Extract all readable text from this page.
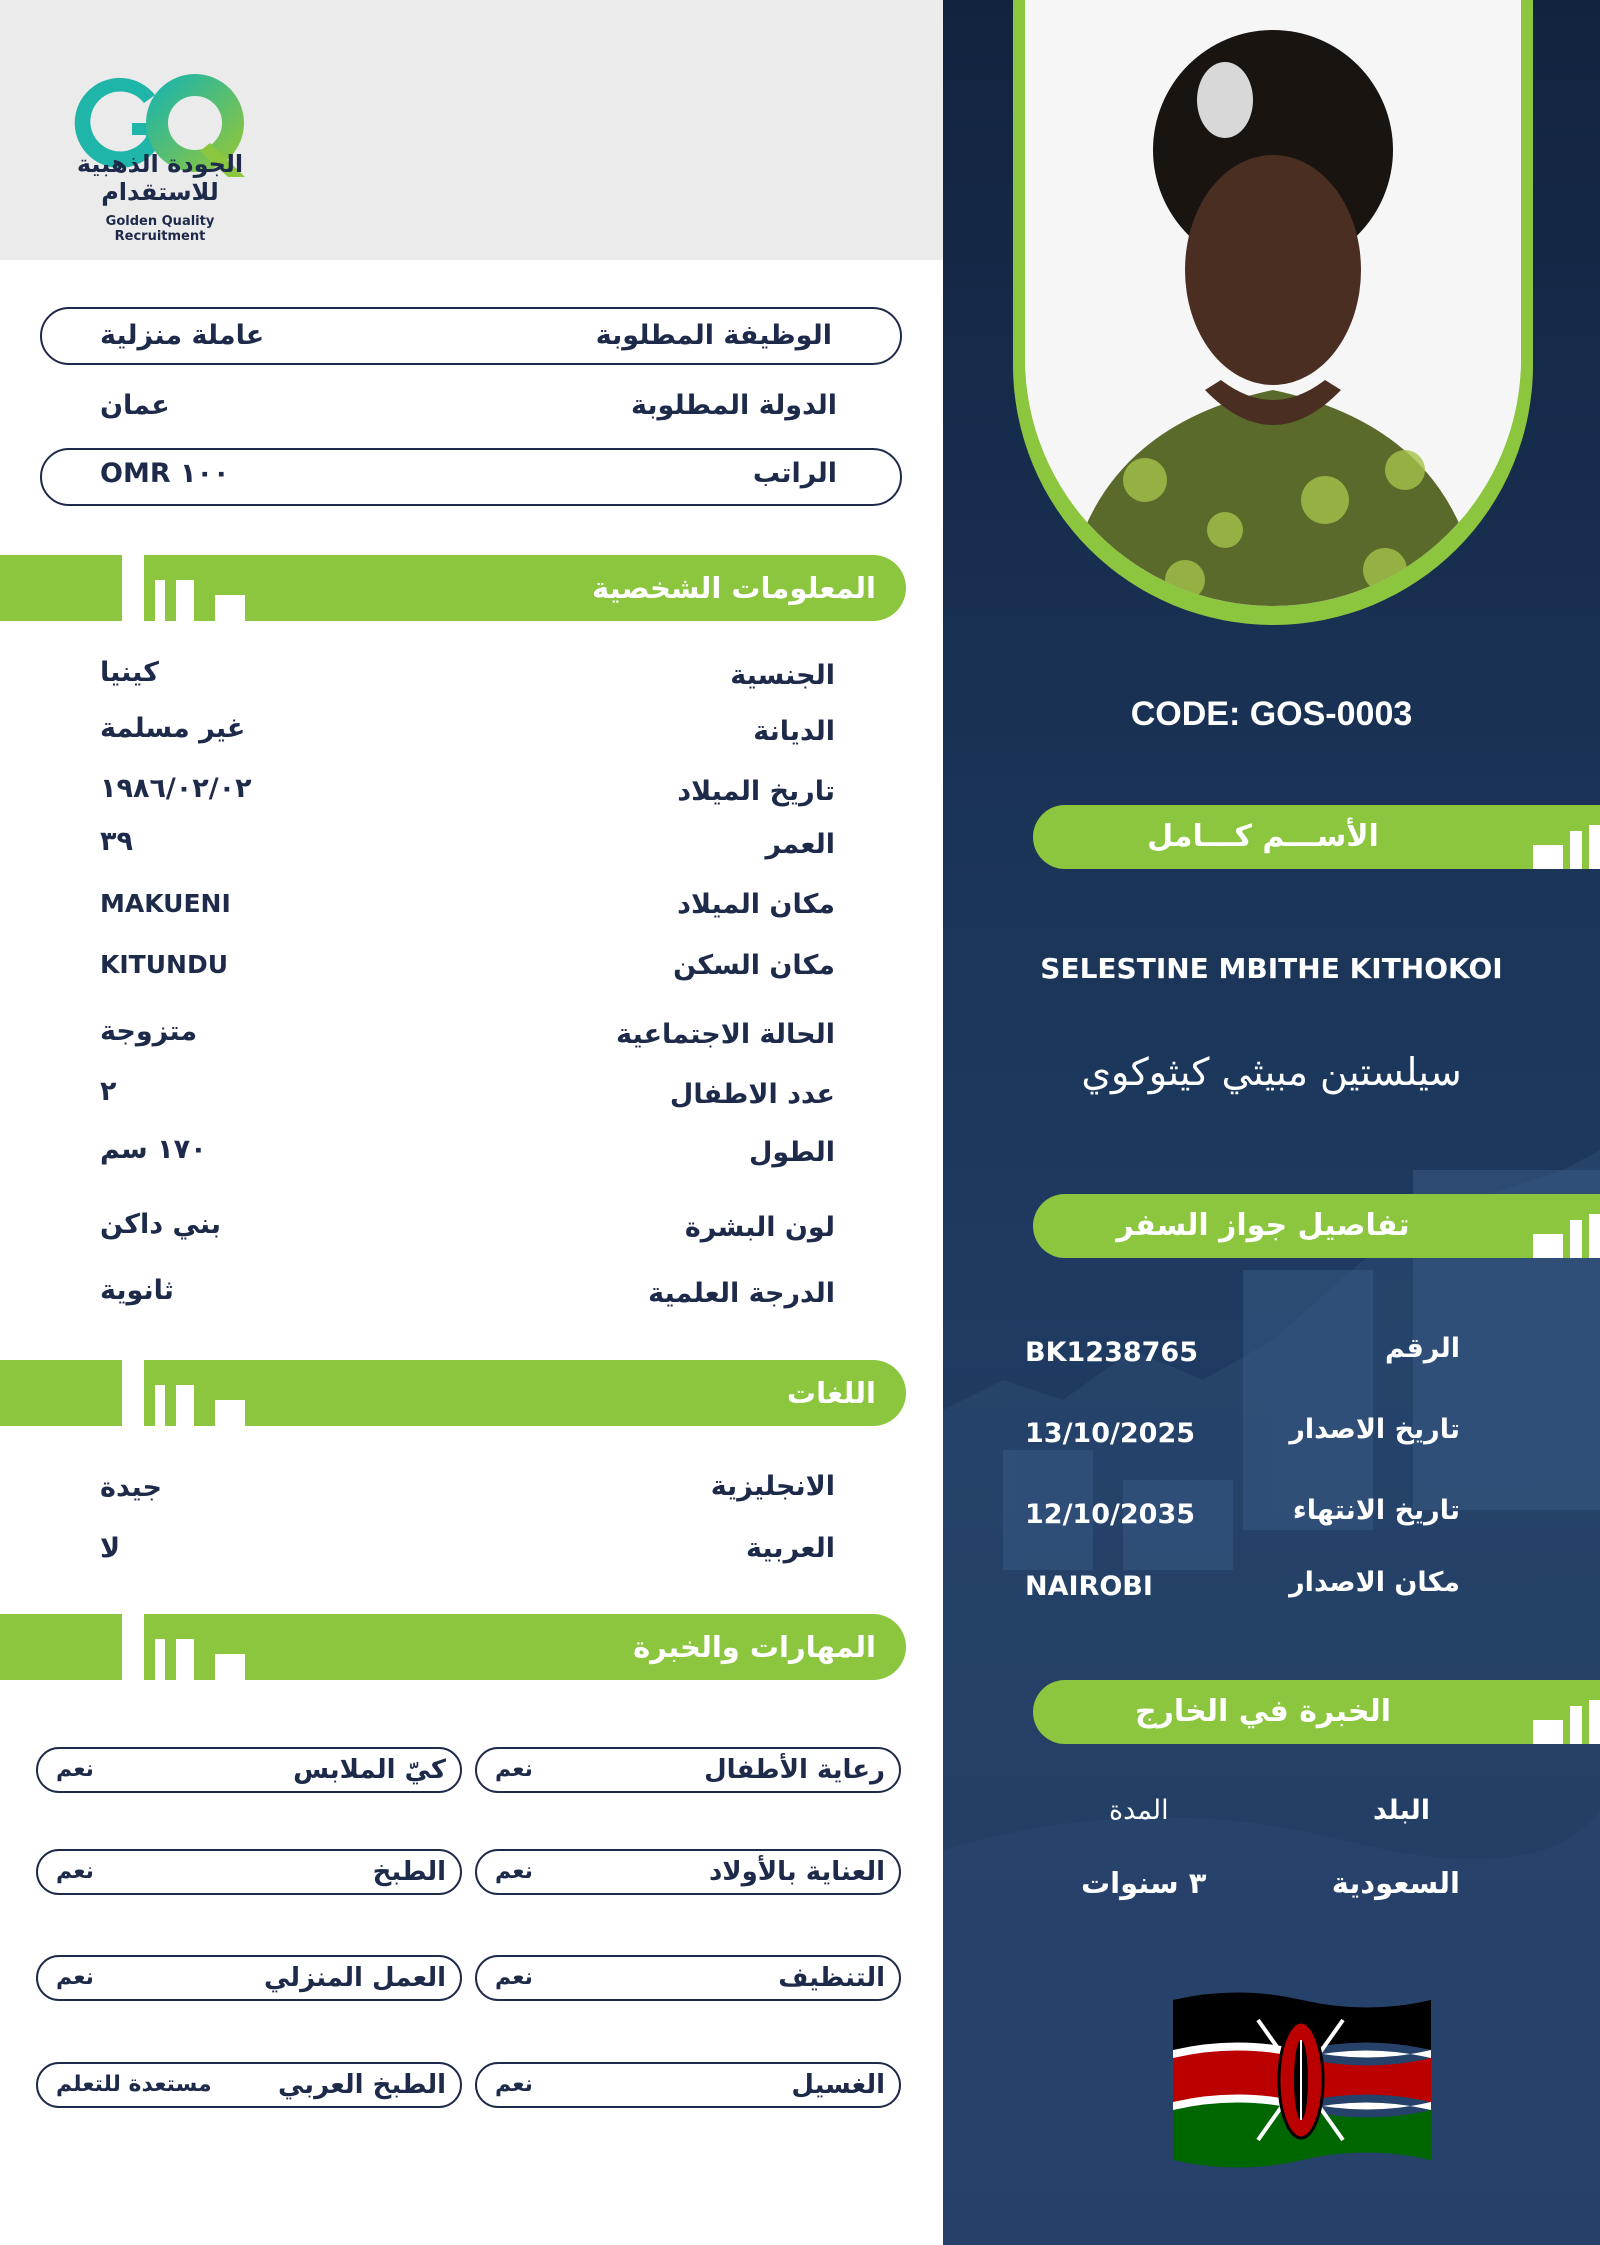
الجودة الذهبية
للاستقدام
Golden Quality Recruitment
الوظيفة المطلوبة
عاملة منزلية
الدولة المطلوبة
عمان
الراتب
OMR ١٠٠
المعلومات الشخصية
الجنسية
كينيا
الديانة
غير مسلمة
تاريخ الميلاد
١٩٨٦/٠٢/٠٢
العمر
٣٩
مكان الميلاد
MAKUENI
مكان السكن
KITUNDU
الحالة الاجتماعية
متزوجة
عدد الاطفال
٢
الطول
١٧٠ سم
لون البشرة
بني داكن
الدرجة العلمية
ثانوية
اللغات
الانجليزية
جيدة
العربية
لا
المهارات والخبرة
رعاية الأطفال
نعم
كيّ الملابس
نعم
العناية بالأولاد
نعم
الطبخ
نعم
التنظيف
نعم
العمل المنزلي
نعم
الغسيل
نعم
الطبخ العربي
مستعدة للتعلم
CODE: GOS-0003
الأســـم كـــامل
SELESTINE MBITHE KITHOKOI
سيلستين مبيثي كيثوكوي
تفاصيل جواز السفر
الرقم
BK1238765
تاريخ الاصدار
13/10/2025
تاريخ الانتهاء
12/10/2035
مكان الاصدار
NAIROBI
الخبرة في الخارج
البلد
المدة
السعودية
٣ سنوات
